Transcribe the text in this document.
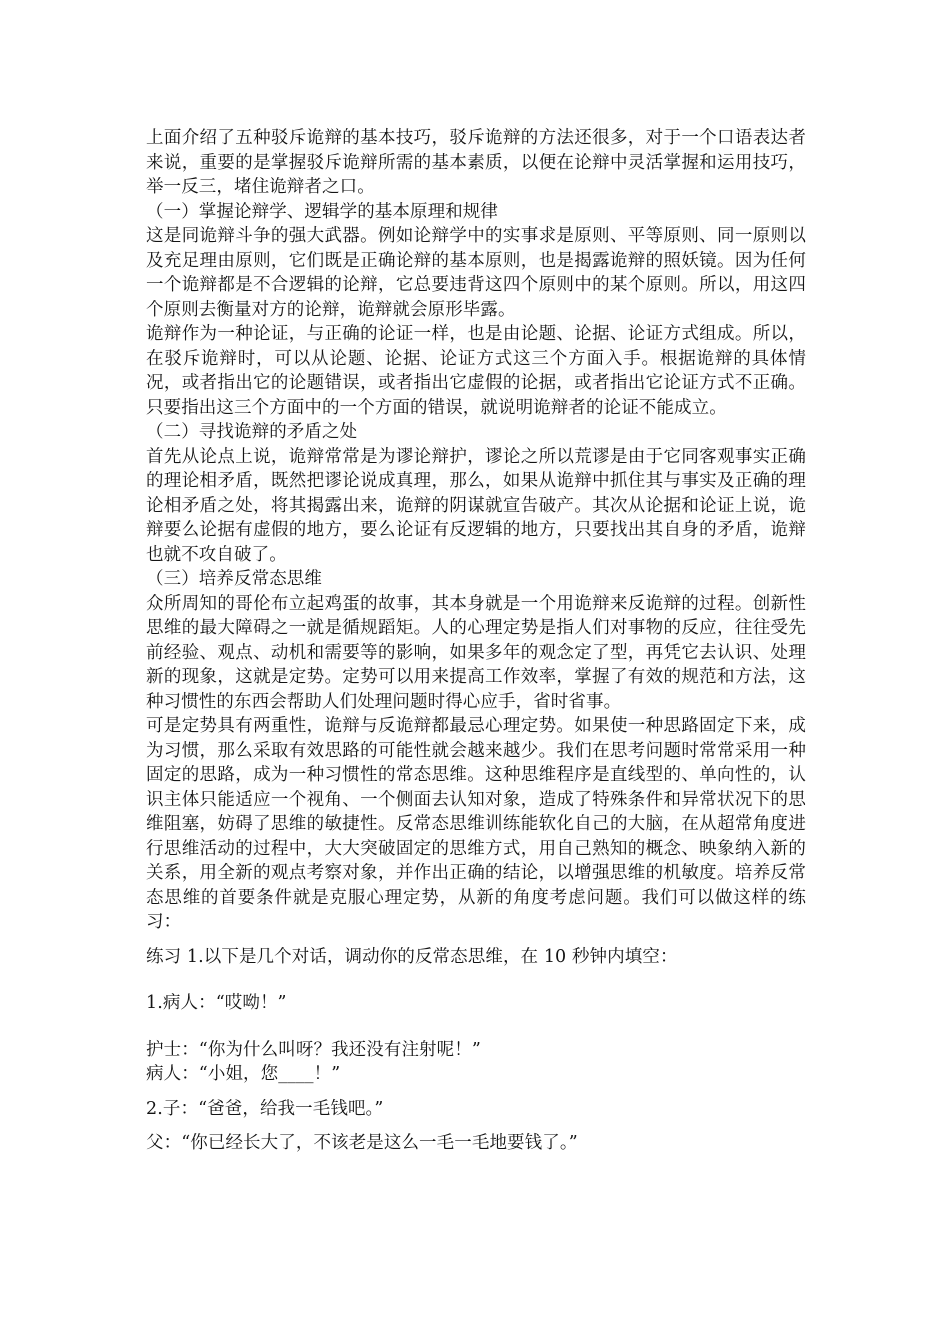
上面介绍了五种驳斥诡辩的基本技巧，驳斥诡辩的方法还很多，对于一个口语表达者来说，重要的是掌握驳斥诡辩所需的基本素质，以便在论辩中灵活掌握和运用技巧，举一反三，堵住诡辩者之口。

（一）掌握论辩学、逻辑学的基本原理和规律

这是同诡辩斗争的强大武器。例如论辩学中的实事求是原则、平等原则、同一原则以及充足理由原则，它们既是正确论辩的基本原则，也是揭露诡辩的照妖镜。因为任何一个诡辩都是不合逻辑的论辩，它总要违背这四个原则中的某个原则。所以，用这四个原则去衡量对方的论辩，诡辩就会原形毕露。

诡辩作为一种论证，与正确的论证一样，也是由论题、论据、论证方式组成。所以，在驳斥诡辩时，可以从论题、论据、论证方式这三个方面入手。根据诡辩的具体情况，或者指出它的论题错误，或者指出它虚假的论据，或者指出它论证方式不正确。只要指出这三个方面中的一个方面的错误，就说明诡辩者的论证不能成立。

（二）寻找诡辩的矛盾之处

首先从论点上说，诡辩常常是为谬论辩护，谬论之所以荒谬是由于它同客观事实正确的理论相矛盾，既然把谬论说成真理，那么，如果从诡辩中抓住其与事实及正确的理论相矛盾之处，将其揭露出来，诡辩的阴谋就宣告破产。其次从论据和论证上说，诡辩要么论据有虚假的地方，要么论证有反逻辑的地方，只要找出其自身的矛盾，诡辩也就不攻自破了。

（三）培养反常态思维

众所周知的哥伦布立起鸡蛋的故事，其本身就是一个用诡辩来反诡辩的过程。创新性思维的最大障碍之一就是循规蹈矩。人的心理定势是指人们对事物的反应，往往受先前经验、观点、动机和需要等的影响，如果多年的观念定了型，再凭它去认识、处理新的现象，这就是定势。定势可以用来提高工作效率，掌握了有效的规范和方法，这种习惯性的东西会帮助人们处理问题时得心应手，省时省事。

可是定势具有两重性，诡辩与反诡辩都最忌心理定势。如果使一种思路固定下来，成为习惯，那么采取有效思路的可能性就会越来越少。我们在思考问题时常常采用一种固定的思路，成为一种习惯性的常态思维。这种思维程序是直线型的、单向性的，认识主体只能适应一个视角、一个侧面去认知对象，造成了特殊条件和异常状况下的思维阻塞，妨碍了思维的敏捷性。反常态思维训练能软化自己的大脑，在从超常角度进行思维活动的过程中，大大突破固定的思维方式，用自己熟知的概念、映象纳入新的关系，用全新的观点考察对象，并作出正确的结论，以增强思维的机敏度。培养反常态思维的首要条件就是克服心理定势，从新的角度考虑问题。我们可以做这样的练习：

练习 1.以下是几个对话，调动你的反常态思维，在 10 秒钟内填空：

1.病人：“哎呦！”

护士：“你为什么叫呀？我还没有注射呢！”

病人：“小姐，您____！”

2.子：“爸爸，给我一毛钱吧。”

父：“你已经长大了，不该老是这么一毛一毛地要钱了。”
